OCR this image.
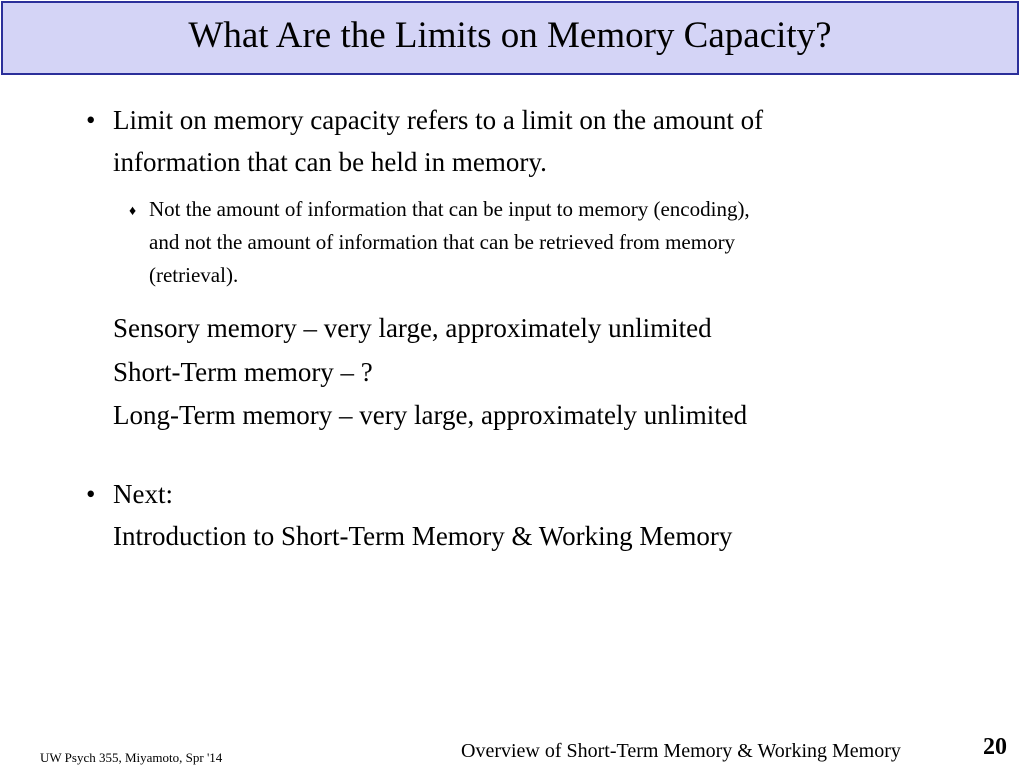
What Are the Limits on Memory Capacity?
• Limit on memory capacity refers to a limit on the amount of
information that can be held in memory.
♦ Not the amount of information that can be input to memory (encoding),
and not the amount of information that can be retrieved from memory
(retrieval).
Sensory memory – very large, approximately unlimited
Short-Term memory – ?
Long-Term memory – very large, approximately unlimited
• Next:
Introduction to Short-Term Memory & Working Memory
UW Psych 355, Miyamoto, Spr '14	Overview of Short-Term Memory & Working Memory	20
